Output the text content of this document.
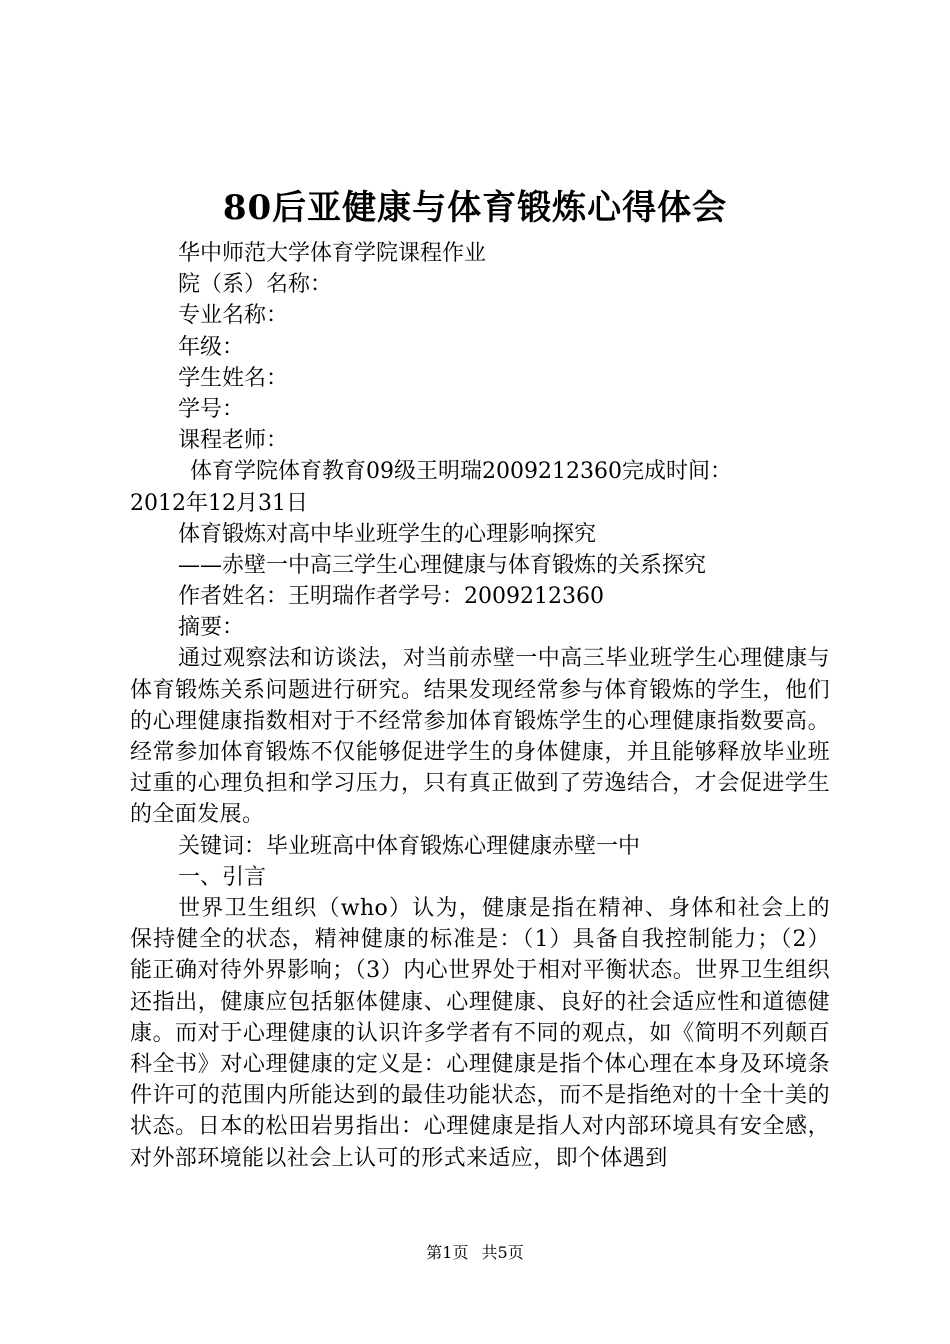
80后亚健康与体育锻炼心得体会
华中师范大学体育学院课程作业
院（系）名称：
专业名称：
年级：
学生姓名：
学号：
课程老师：
体育学院体育教育09级王明瑞2009212360完成时间：
2012年12月31日
体育锻炼对高中毕业班学生的心理影响探究
——赤壁一中高三学生心理健康与体育锻炼的关系探究
作者姓名：王明瑞作者学号：2009212360
摘要：

通过观察法和访谈法，对当前赤壁一中高三毕业班学生心理健康与体育锻炼关系问题进行研究。结果发现经常参与体育锻炼的学生，他们的心理健康指数相对于不经常参加体育锻炼学生的心理健康指数要高。经常参加体育锻炼不仅能够促进学生的身体健康，并且能够释放毕业班过重的心理负担和学习压力，只有真正做到了劳逸结合，才会促进学生的全面发展。

关键词：毕业班高中体育锻炼心理健康赤壁一中
一、引言

世界卫生组织（who）认为，健康是指在精神、身体和社会上的保持健全的状态，精神健康的标准是：（1）具备自我控制能力；（2）能正确对待外界影响；（3）内心世界处于相对平衡状态。世界卫生组织还指出，健康应包括躯体健康、心理健康、良好的社会适应性和道德健康。而对于心理健康的认识许多学者有不同的观点，如《简明不列颠百科全书》对心理健康的定义是：心理健康是指个体心理在本身及环境条件许可的范围内所能达到的最佳功能状态，而不是指绝对的十全十美的状态。日本的松田岩男指出：心理健康是指人对内部环境具有安全感，对外部环境能以社会上认可的形式来适应，即个体遇到

第1页 共5页
